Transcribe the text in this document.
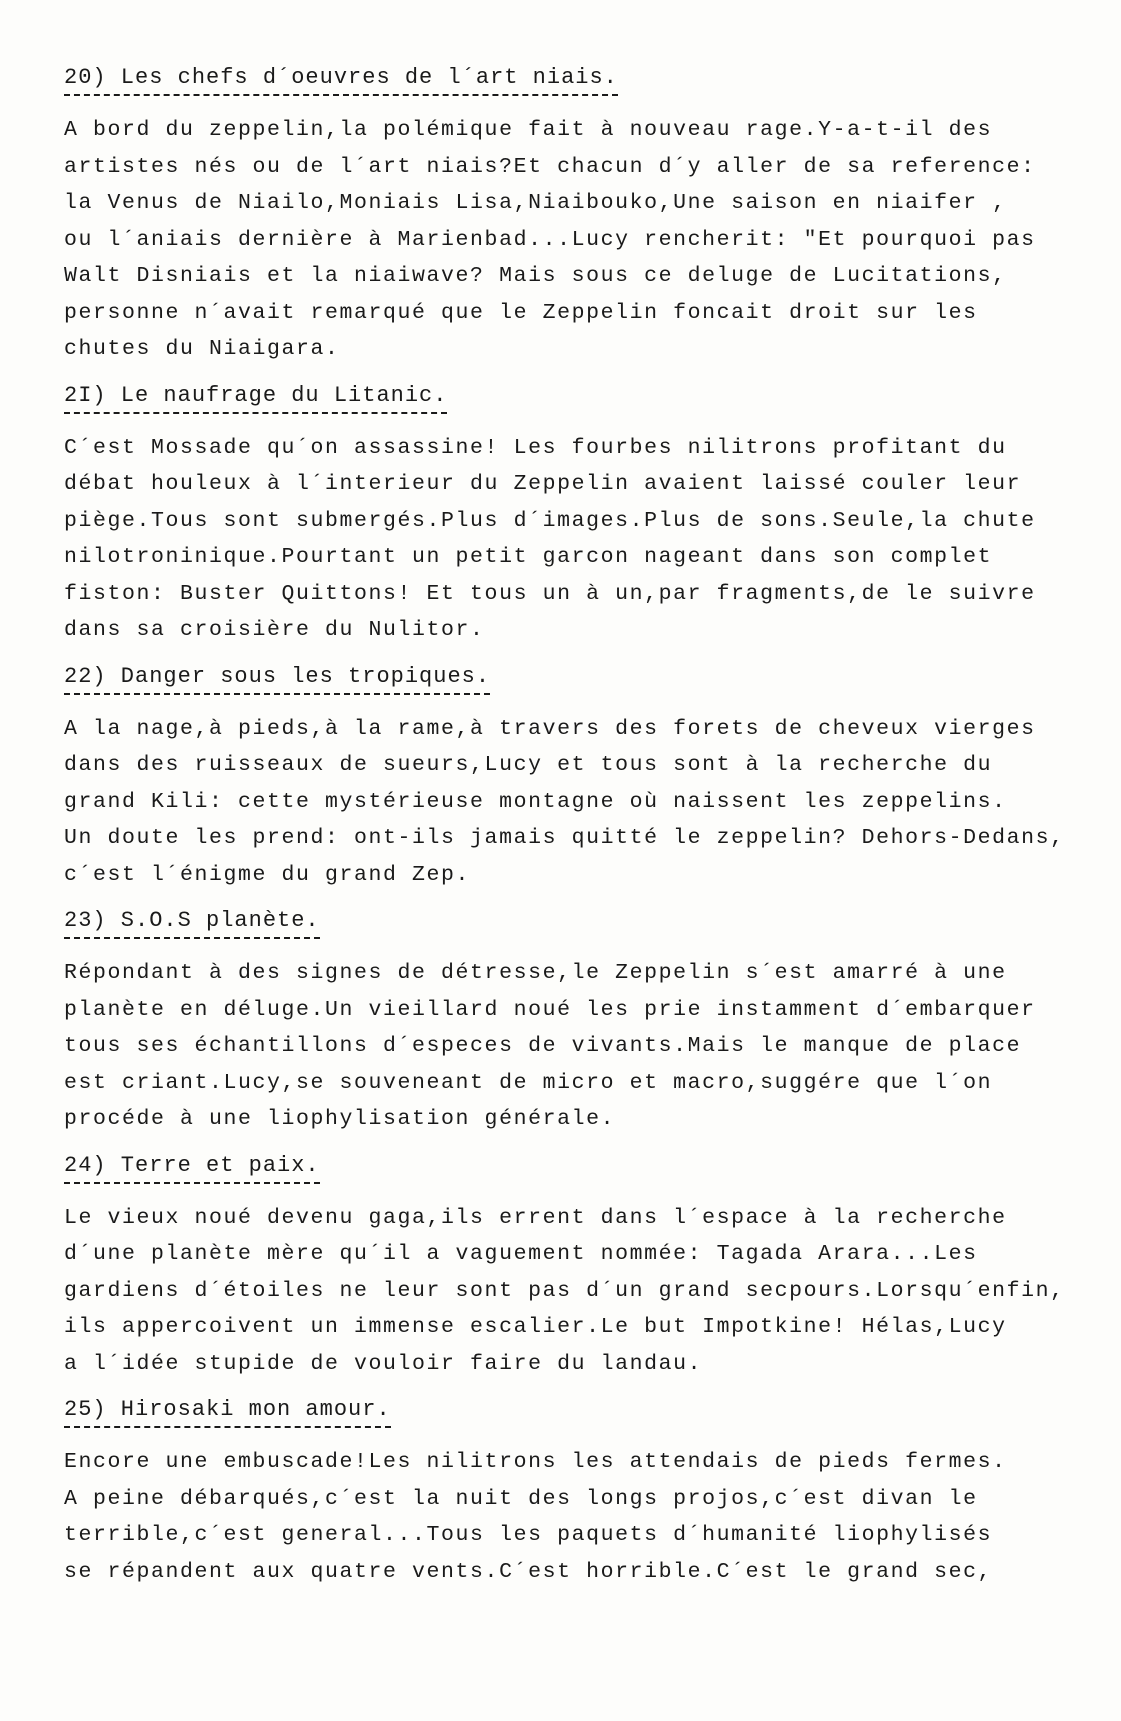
20) Les chefs d´oeuvres de l´art niais.
A bord du zeppelin,la polémique fait à nouveau rage.Y-a-t-il des
artistes nés ou de l´art niais?Et chacun d´y aller de sa reference:
la Venus de Niailo,Moniais Lisa,Niaibouko,Une saison en niaifer ,
ou l´aniais dernière à Marienbad...Lucy rencherit: "Et pourquoi pas
Walt Disniais et la niaiwave? Mais sous ce deluge de Lucitations,
personne n´avait remarqué que le Zeppelin foncait droit sur les
chutes du Niaigara.
2I) Le naufrage du Litanic.
C´est Mossade qu´on assassine! Les fourbes nilitrons profitant du
débat houleux à l´interieur du Zeppelin avaient laissé couler leur
piège.Tous sont submergés.Plus d´images.Plus de sons.Seule,la chute
nilotroninique.Pourtant un petit garcon nageant dans son complet
fiston: Buster Quittons! Et tous un à un,par fragments,de le suivre
dans sa croisière du Nulitor.
22) Danger sous les tropiques.
A la nage,à pieds,à la rame,à travers des forets de cheveux vierges
dans des ruisseaux de sueurs,Lucy et tous sont à la recherche du
grand Kili: cette mystérieuse montagne où naissent les zeppelins.
Un doute les prend: ont-ils jamais quitté le zeppelin? Dehors-Dedans,
c´est l´énigme du grand Zep.
23) S.O.S planète.
Répondant à des signes de détresse,le Zeppelin s´est amarré à une
planète en déluge.Un vieillard noué les prie instamment d´embarquer
tous ses échantillons d´especes de vivants.Mais le manque de place
est criant.Lucy,se souveneant de micro et macro,suggére que l´on
procéde à une liophylisation générale.
24) Terre et paix.
Le vieux noué devenu gaga,ils errent dans l´espace à la recherche
d´une planète mère qu´il a vaguement nommée: Tagada Arara...Les
gardiens d´étoiles ne leur sont pas d´un grand secpours.Lorsqu´enfin,
ils appercoivent un immense escalier.Le but Impotkine! Hélas,Lucy
a l´idée stupide de vouloir faire du landau.
25) Hirosaki mon amour.
Encore une embuscade!Les nilitrons les attendais de pieds fermes.
A peine débarqués,c´est la nuit des longs projos,c´est divan le
terrible,c´est general...Tous les paquets d´humanité liophylisés
se répandent aux quatre vents.C´est horrible.C´est le grand sec,
